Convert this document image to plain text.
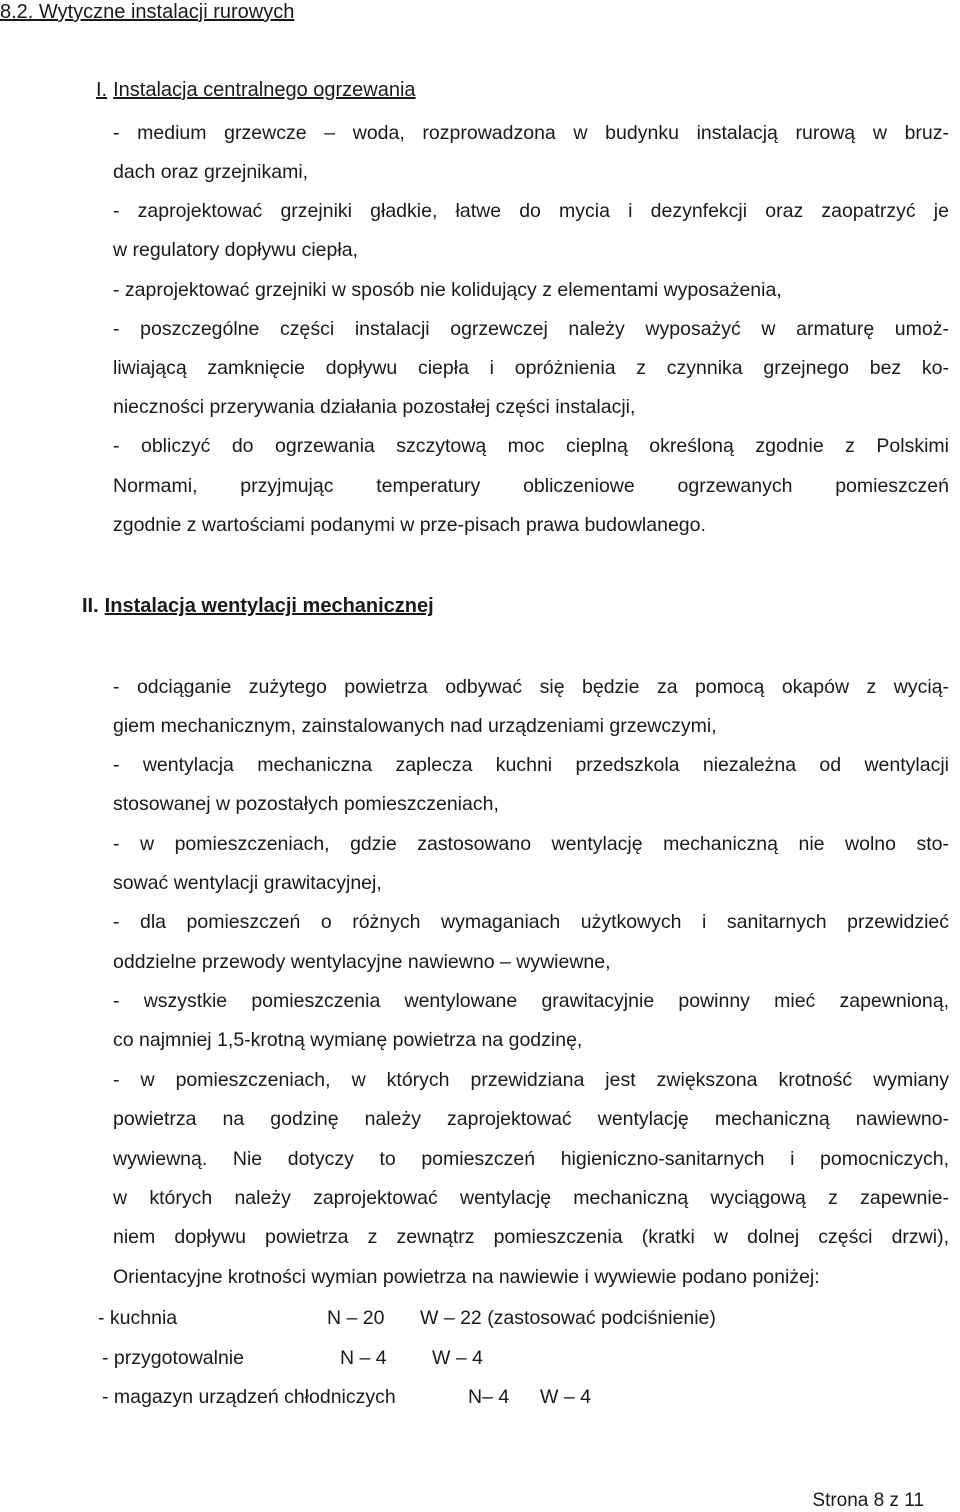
8.2. Wytyczne instalacji rurowych
I. Instalacja centralnego ogrzewania
- medium grzewcze – woda, rozprowadzona w budynku instalacją rurową w bruz-
dach oraz grzejnikami,
- zaprojektować grzejniki gładkie, łatwe do mycia i dezynfekcji oraz zaopatrzyć je
w regulatory dopływu ciepła,
- zaprojektować grzejniki w sposób nie kolidujący z elementami wyposażenia,
- poszczególne części instalacji ogrzewczej należy wyposażyć w armaturę umoż-
liwiającą zamknięcie dopływu ciepła i opróżnienia z czynnika grzejnego bez ko-
nieczności przerywania działania pozostałej części instalacji,
- obliczyć do ogrzewania szczytową moc cieplną określoną zgodnie z Polskimi
Normami, przyjmując temperatury obliczeniowe ogrzewanych pomieszczeń
zgodnie z wartościami podanymi w prze-pisach prawa budowlanego.
II. Instalacja wentylacji mechanicznej
- odciąganie zużytego powietrza odbywać się będzie za pomocą okapów z wycią-
giem mechanicznym, zainstalowanych nad urządzeniami grzewczymi,
- wentylacja mechaniczna zaplecza kuchni przedszkola niezależna od wentylacji
stosowanej w pozostałych pomieszczeniach,
- w pomieszczeniach, gdzie zastosowano wentylację mechaniczną nie wolno sto-
sować wentylacji grawitacyjnej,
- dla pomieszczeń o różnych wymaganiach użytkowych i sanitarnych przewidzieć
oddzielne przewody wentylacyjne nawiewno – wywiewne,
- wszystkie pomieszczenia wentylowane grawitacyjnie powinny mieć zapewnioną,
co najmniej 1,5-krotną wymianę powietrza na godzinę,
- w pomieszczeniach, w których przewidziana jest zwiększona krotność wymiany
powietrza na godzinę należy zaprojektować wentylację mechaniczną nawiewno-
wywiewną. Nie dotyczy to pomieszczeń higieniczno-sanitarnych i pomocniczych,
w których należy zaprojektować wentylację mechaniczną wyciągową z zapewnie-
niem dopływu powietrza z zewnątrz pomieszczenia (kratki w dolnej części drzwi),
Orientacyjne krotności wymian powietrza na nawiewie i wywiewie podano poniżej:
- kuchnia	N – 20 W – 22 (zastosować podciśnienie)
- przygotowalnie	N – 4 W – 4
- magazyn urządzeń chłodniczych	N– 4 W – 4
Strona 8 z 11
